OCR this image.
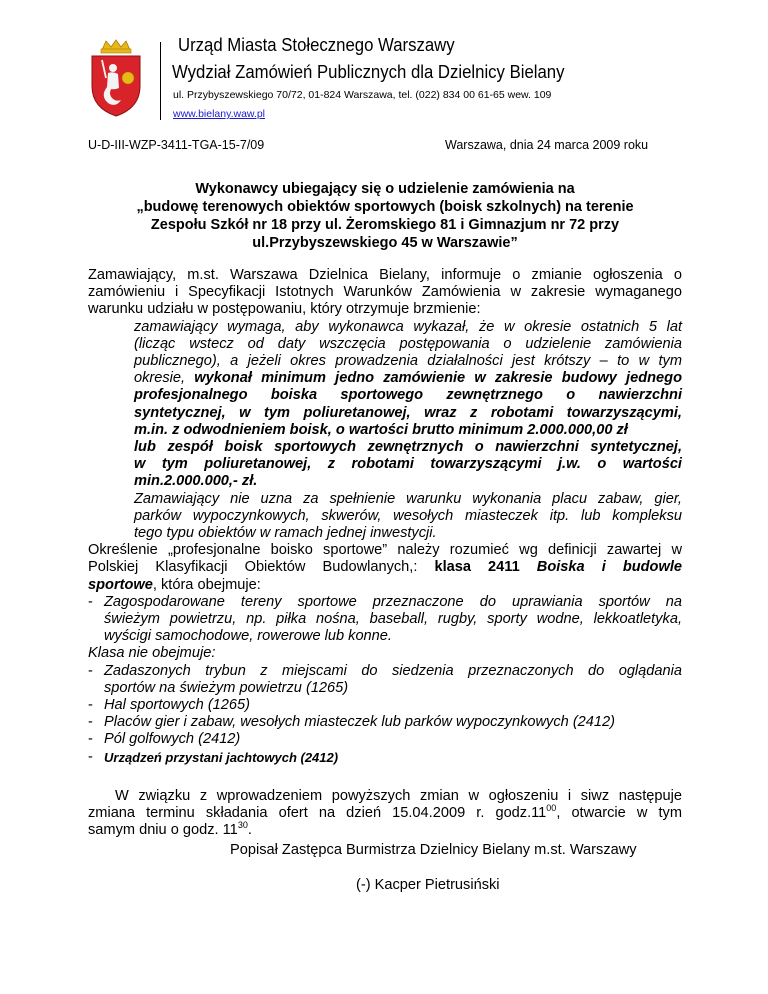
Urząd Miasta Stołecznego Warszawy
Wydział Zamówień Publicznych dla Dzielnicy Bielany
ul. Przybyszewskiego 70/72, 01-824 Warszawa, tel. (022) 834 00 61-65 wew. 109
www.bielany.waw.pl
U-D-III-WZP-3411-TGA-15-7/09	Warszawa, dnia 24 marca 2009 roku
Wykonawcy ubiegający się o udzielenie zamówienia na
„budowę terenowych obiektów sportowych (boisk szkolnych) na terenie
Zespołu Szkół nr 18 przy ul. Żeromskiego 81 i Gimnazjum nr 72 przy
ul.Przybyszewskiego 45 w Warszawie”
Zamawiający, m.st. Warszawa Dzielnica Bielany, informuje o zmianie ogłoszenia o
zamówieniu i Specyfikacji Istotnych Warunków Zamówienia w zakresie wymaganego
warunku udziału w postępowaniu, który otrzymuje brzmienie:
zamawiający wymaga, aby wykonawca wykazał, że w okresie ostatnich 5 lat
(licząc wstecz od daty wszczęcia postępowania o udzielenie zamówienia
publicznego), a jeżeli okres prowadzenia działalności jest krótszy – to w tym
okresie, wykonał minimum jedno zamówienie w zakresie budowy jednego
profesjonalnego boiska sportowego zewnętrznego o nawierzchni
syntetycznej, w tym poliuretanowej, wraz z robotami towarzyszącymi,
m.in. z odwodnieniem boisk, o wartości brutto minimum 2.000.000,00 zł
lub zespół boisk sportowych zewnętrznych o nawierzchni syntetycznej,
w tym poliuretanowej, z robotami towarzyszącymi j.w. o wartości
min.2.000.000,- zł.
Zamawiający nie uzna za spełnienie warunku wykonania placu zabaw, gier,
parków wypoczynkowych, skwerów, wesołych miasteczek itp. lub kompleksu
tego typu obiektów w ramach jednej inwestycji.
Określenie „profesjonalne boisko sportowe” należy rozumieć wg definicji zawartej w
Polskiej Klasyfikacji Obiektów Budowlanych,: klasa 2411 Boiska i budowle
sportowe, która obejmuje:
- Zagospodarowane tereny sportowe przeznaczone do uprawiania sportów na
świeżym powietrzu, np. piłka nośna, baseball, rugby, sporty wodne, lekkoatletyka,
wyścigi samochodowe, rowerowe lub konne.
Klasa nie obejmuje:
- Zadaszonych trybun z miejscami do siedzenia przeznaczonych do oglądania
sportów na świeżym powietrzu (1265)
- Hal sportowych (1265)
- Placów gier i zabaw, wesołych miasteczek lub parków wypoczynkowych (2412)
- Pól golfowych (2412)
- Urządzeń przystani jachtowych (2412)
W związku z wprowadzeniem powyższych zmian w ogłoszeniu i siwz następuje
zmiana terminu składania ofert na dzień 15.04.2009 r. $godz.11^{00}$, otwarcie w tym
samym dniu o godz. $11^{30}$.
Popisał Zastępca Burmistrza Dzielnicy Bielany m.st. Warszawy
(-) Kacper Pietrusiński
